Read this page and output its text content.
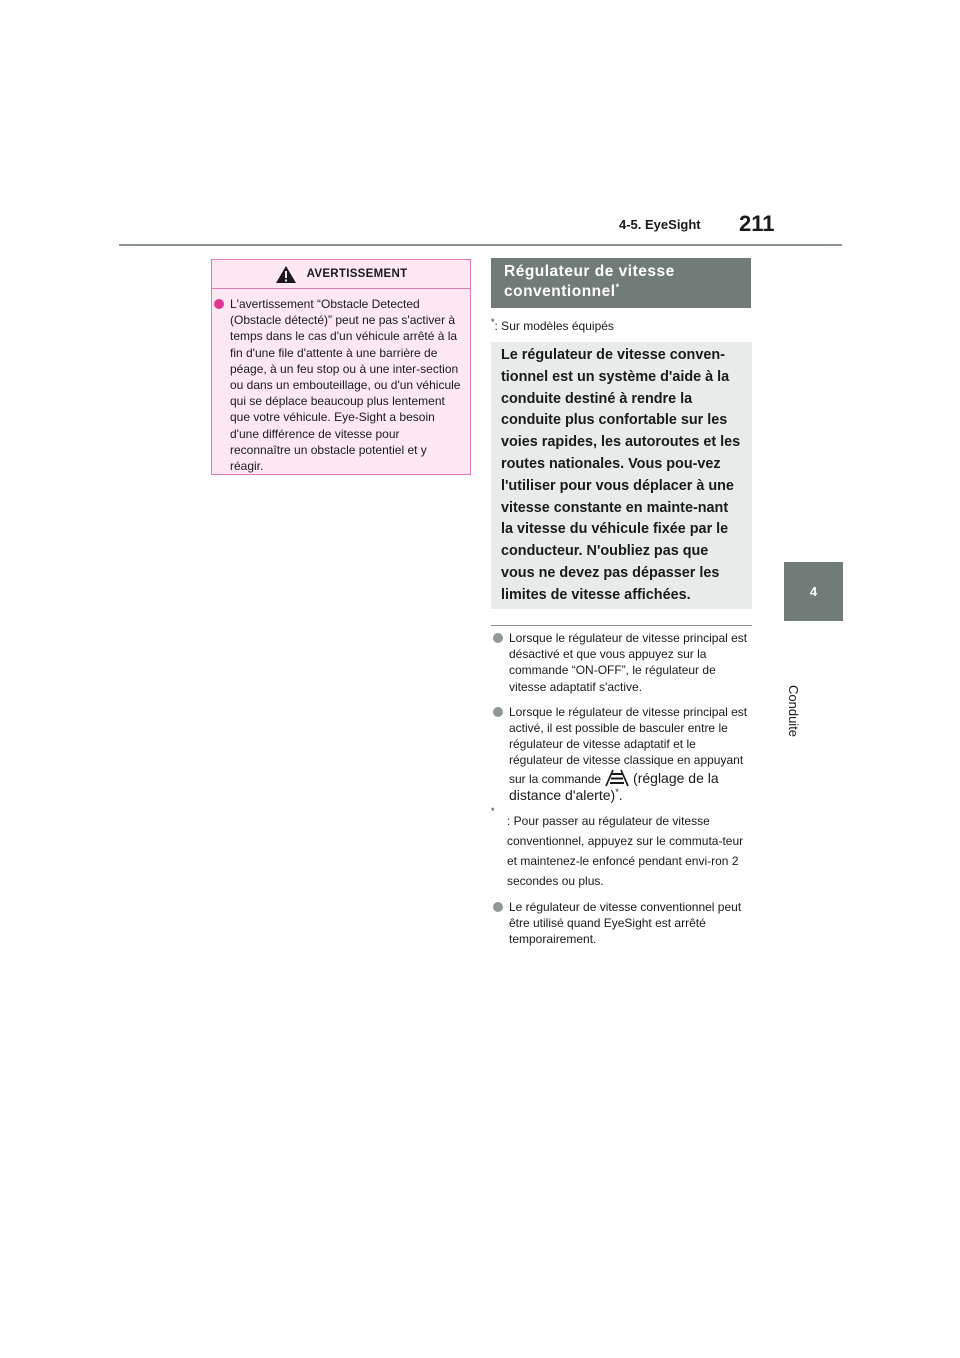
4-5. EyeSight 211
4
Conduite
AVERTISSEMENT
L'avertissement “Obstacle Detected (Obstacle détecté)” peut ne pas s'activer à temps dans le cas d'un véhicule arrêté à la fin d'une file d'attente à une barrière de péage, à un feu stop ou à une inter-section ou dans un embouteillage, ou d'un véhicule qui se déplace beaucoup plus lentement que votre véhicule. Eye-Sight a besoin d'une différence de vitesse pour reconnaître un obstacle potentiel et y réagir.
Régulateur de vitesse
conventionnel*
*: Sur modèles équipés
Le régulateur de vitesse conven-tionnel est un système d'aide à la conduite destiné à rendre la conduite plus confortable sur les voies rapides, les autoroutes et les routes nationales. Vous pou-vez l'utiliser pour vous déplacer à une vitesse constante en mainte-nant la vitesse du véhicule fixée par le conducteur. N'oubliez pas que vous ne devez pas dépasser les limites de vitesse affichées.
Lorsque le régulateur de vitesse principal est désactivé et que vous appuyez sur la commande “ON-OFF”, le régulateur de vitesse adaptatif s'active.
Lorsque le régulateur de vitesse principal est activé, il est possible de basculer entre le régulateur de vitesse adaptatif et le régulateur de vitesse classique en appuyant sur la commande (réglage de la distance d'alerte)*.
*
: Pour passer au régulateur de vitesse conventionnel, appuyez sur le commuta-teur et maintenez-le enfoncé pendant envi-ron 2 secondes ou plus.
Le régulateur de vitesse conventionnel peut être utilisé quand EyeSight est arrêté temporairement.
